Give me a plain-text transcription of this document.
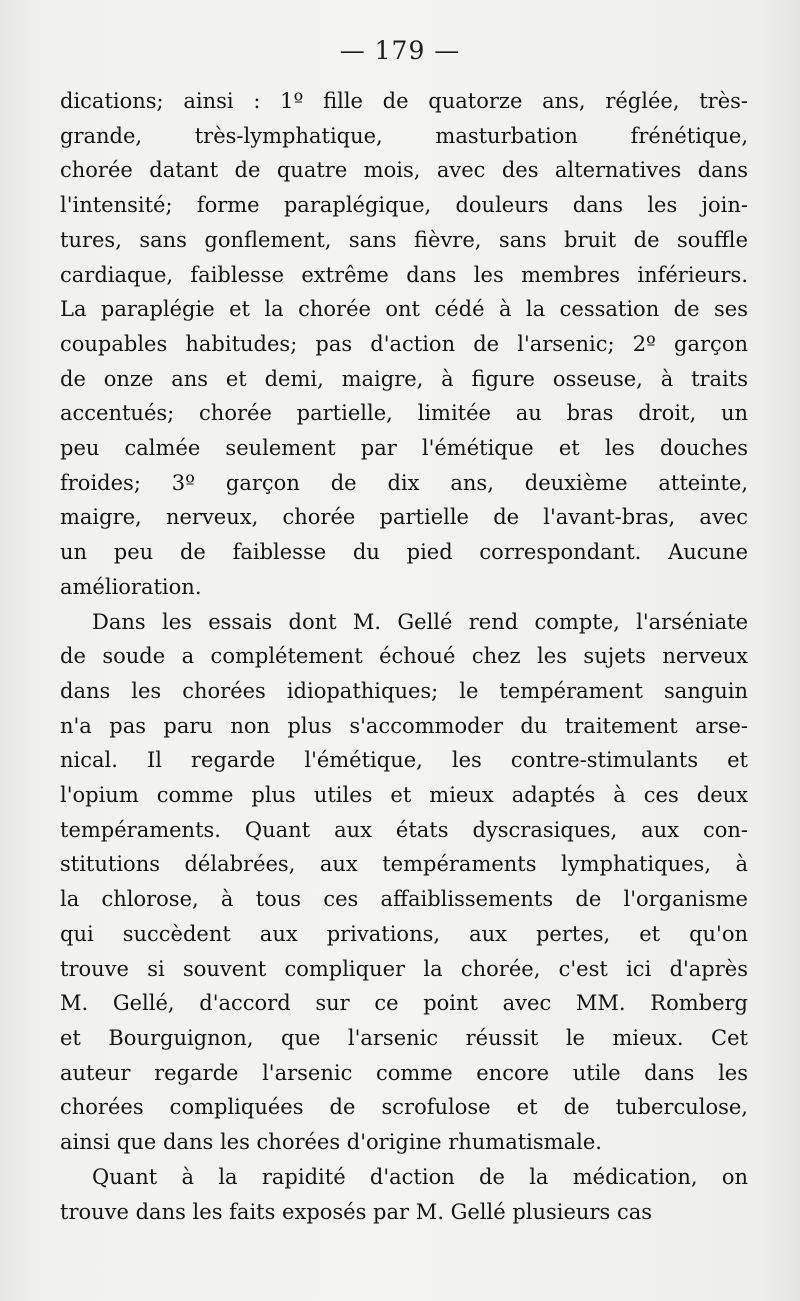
— 179 —
dications; ainsi : 1º fille de quatorze ans, réglée, très-
grande, très-lymphatique, masturbation frénétique,
chorée datant de quatre mois, avec des alternatives dans
l'intensité; forme paraplégique, douleurs dans les join-
tures, sans gonflement, sans fièvre, sans bruit de souffle
cardiaque, faiblesse extrême dans les membres inférieurs.
La paraplégie et la chorée ont cédé à la cessation de ses
coupables habitudes; pas d'action de l'arsenic; 2º garçon
de onze ans et demi, maigre, à figure osseuse, à traits
accentués; chorée partielle, limitée au bras droit, un
peu calmée seulement par l'émétique et les douches
froides; 3º garçon de dix ans, deuxième atteinte,
maigre, nerveux, chorée partielle de l'avant-bras, avec
un peu de faiblesse du pied correspondant. Aucune
amélioration.
Dans les essais dont M. Gellé rend compte, l'arséniate
de soude a complétement échoué chez les sujets nerveux
dans les chorées idiopathiques; le tempérament sanguin
n'a pas paru non plus s'accommoder du traitement arse-
nical. Il regarde l'émétique, les contre-stimulants et
l'opium comme plus utiles et mieux adaptés à ces deux
tempéraments. Quant aux états dyscrasiques, aux con-
stitutions délabrées, aux tempéraments lymphatiques, à
la chlorose, à tous ces affaiblissements de l'organisme
qui succèdent aux privations, aux pertes, et qu'on
trouve si souvent compliquer la chorée, c'est ici d'après
M. Gellé, d'accord sur ce point avec MM. Romberg
et Bourguignon, que l'arsenic réussit le mieux. Cet
auteur regarde l'arsenic comme encore utile dans les
chorées compliquées de scrofulose et de tuberculose,
ainsi que dans les chorées d'origine rhumatismale.
Quant à la rapidité d'action de la médication, on
trouve dans les faits exposés par M. Gellé plusieurs cas
